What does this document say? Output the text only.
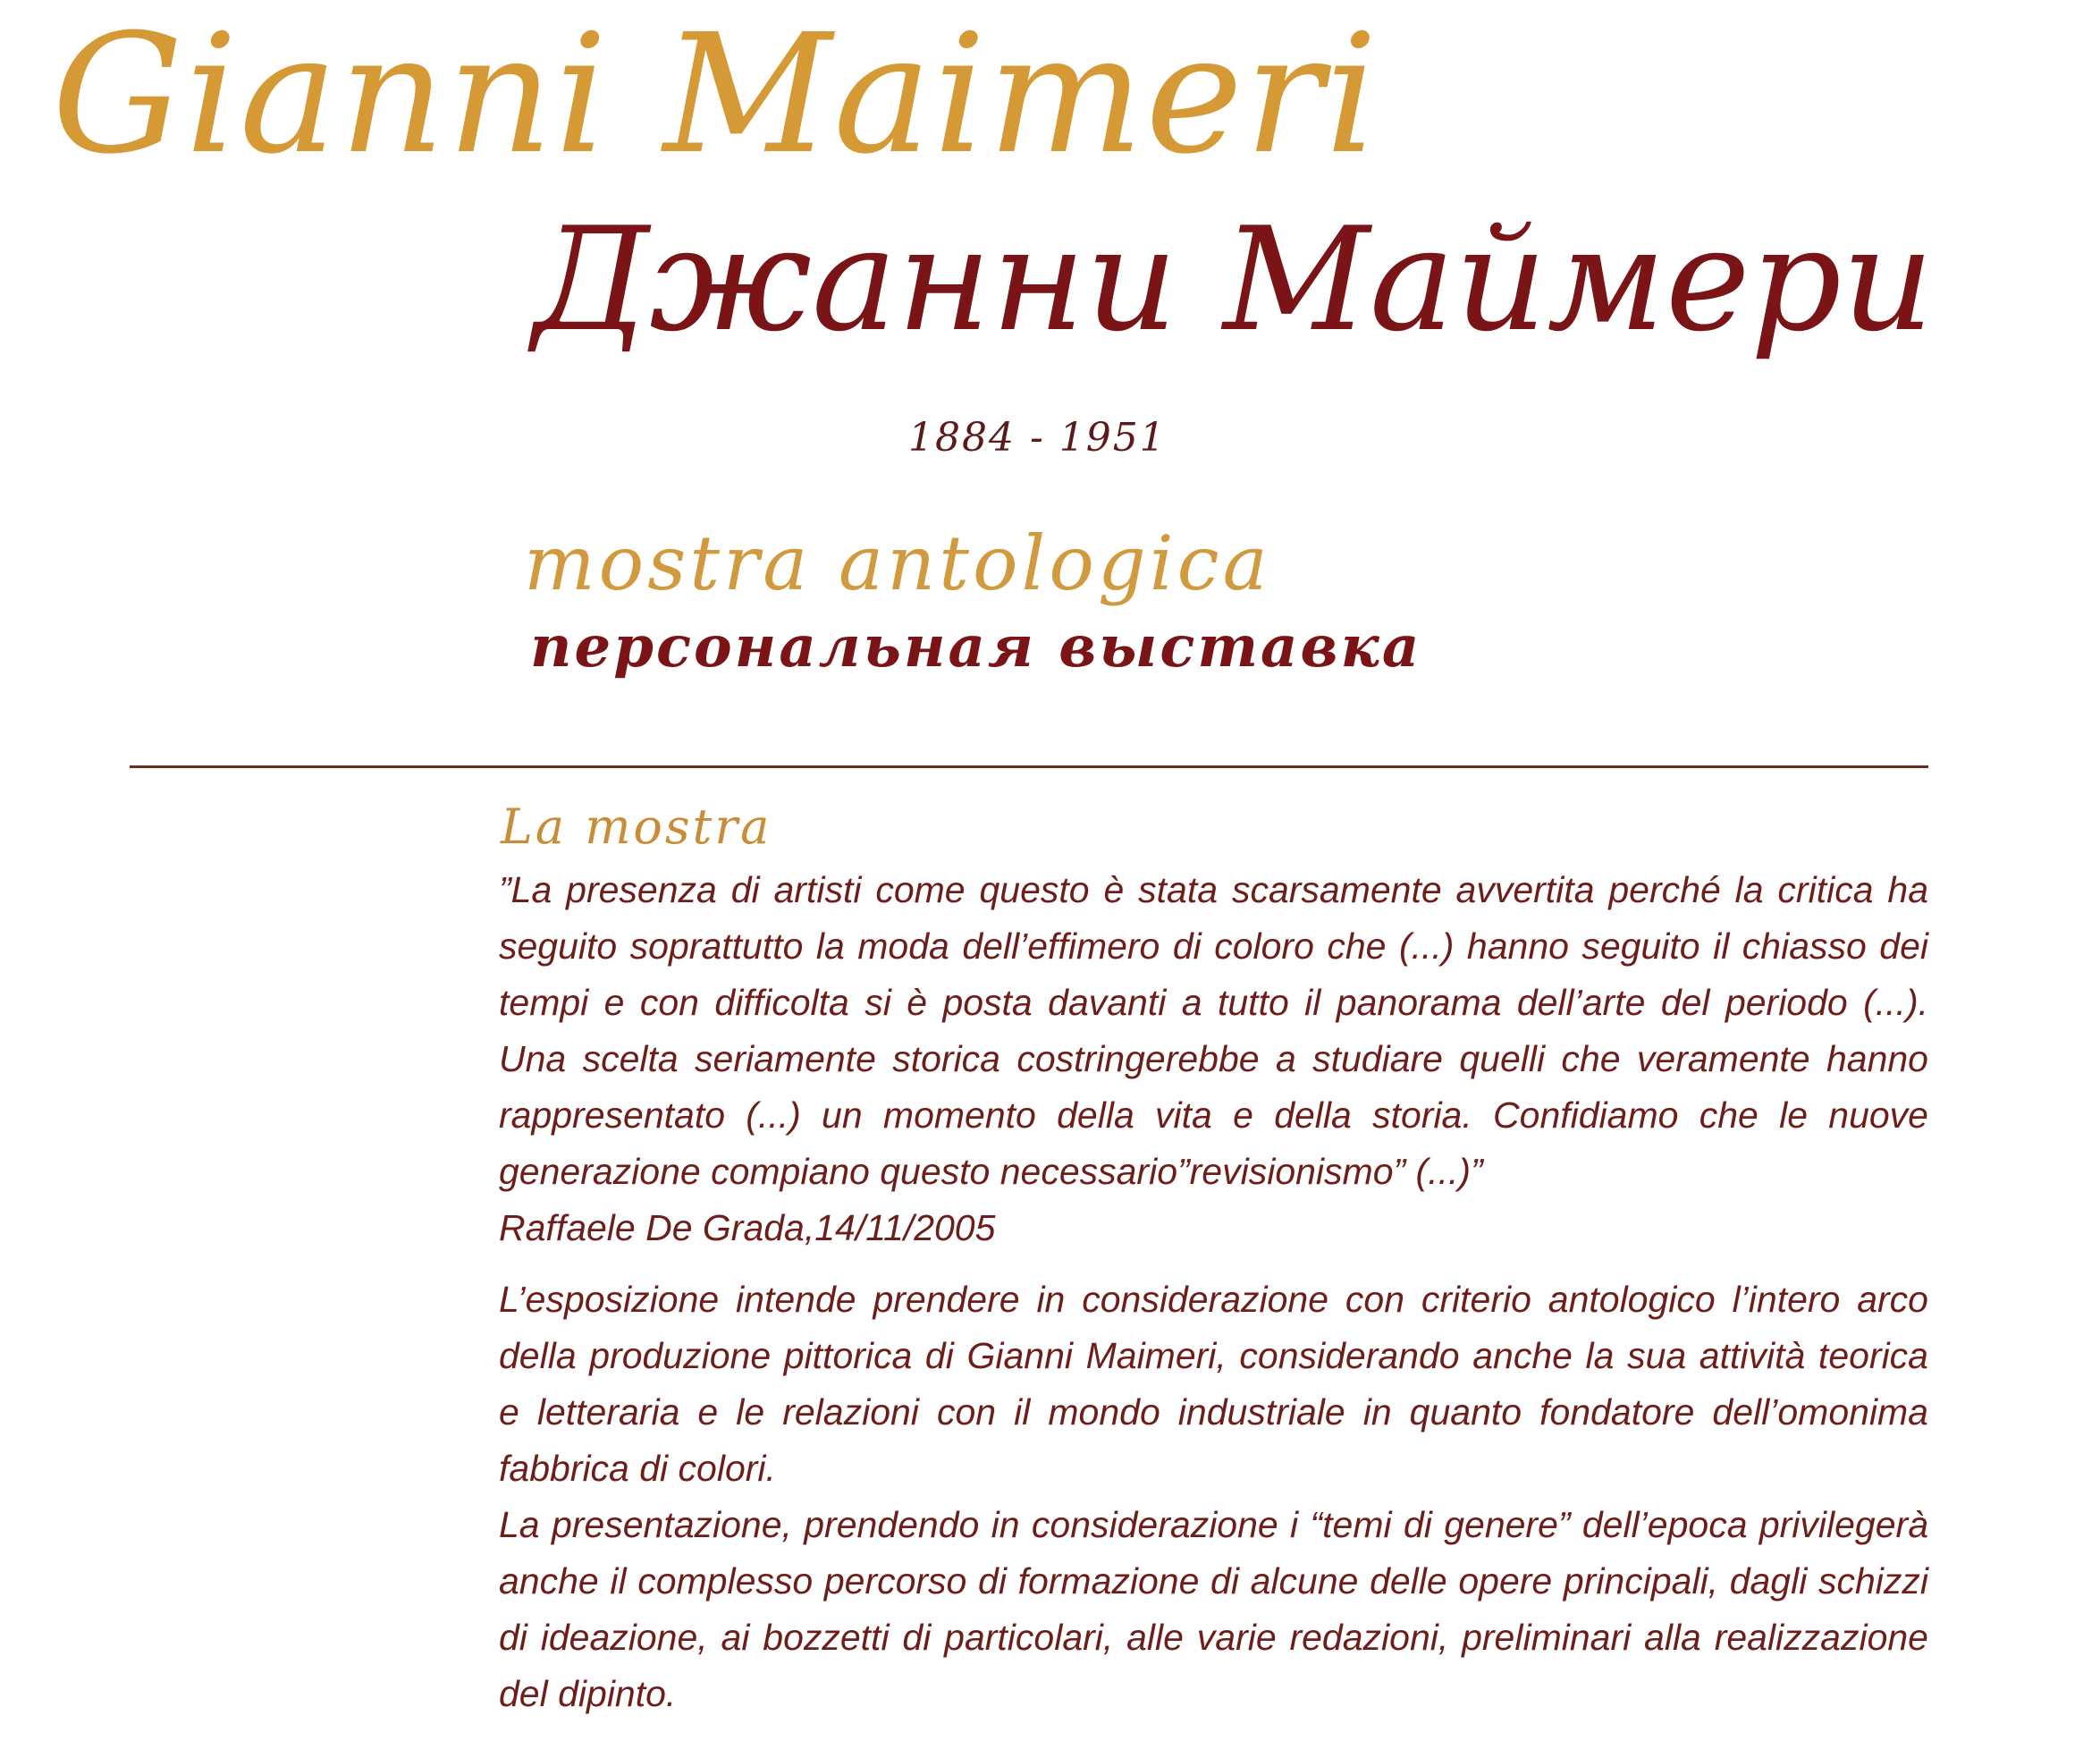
Gianni Maimeri
Джанни Маймери
1884 - 1951
mostra antologica
персональная выставка
La mostra
”La presenza di artisti come questo è stata scarsamente avvertita perché la critica ha
seguito soprattutto la moda dell’effimero di coloro che (...) hanno seguito il chiasso dei
tempi e con difficolta si è posta davanti a tutto il panorama dell’arte del periodo (...).
Una scelta seriamente storica costringerebbe a studiare quelli che veramente hanno
rappresentato (...) un momento della vita e della storia. Confidiamo che le nuove
generazione compiano questo necessario”revisionismo” (...)”
Raffaele De Grada,14/11/2005
L’esposizione intende prendere in considerazione con criterio antologico l’intero arco
della produzione pittorica di Gianni Maimeri, considerando anche la sua attività teorica
e letteraria e le relazioni con il mondo industriale in quanto fondatore dell’omonima
fabbrica di colori.
La presentazione, prendendo in considerazione i “temi di genere” dell’epoca privilegerà
anche il complesso percorso di formazione di alcune delle opere principali, dagli schizzi
di ideazione, ai bozzetti di particolari, alle varie redazioni, preliminari alla realizzazione
del dipinto.
